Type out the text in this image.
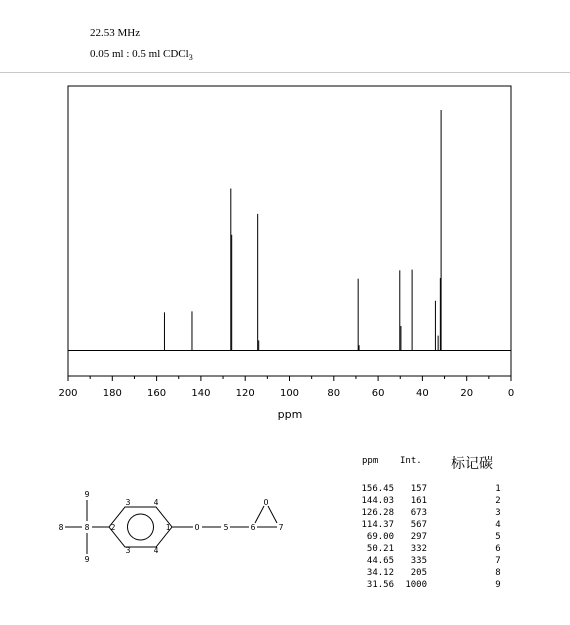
22.53 MHz
0.05 ml : 0.5 ml CDCl$_3$
200	180	160	140	120	100	80	60	40	20	0
ppm
9
8	8
9
2
3	4
1
3	4
O	5	6
O
7
ppm Int. 标记碳
156.45	157	1
144.03	161	2
126.28	673	3
114.37	567	4
69.00	297	5
50.21	332	6
44.65	335	7
34.12	205	8
31.56	1000	9
